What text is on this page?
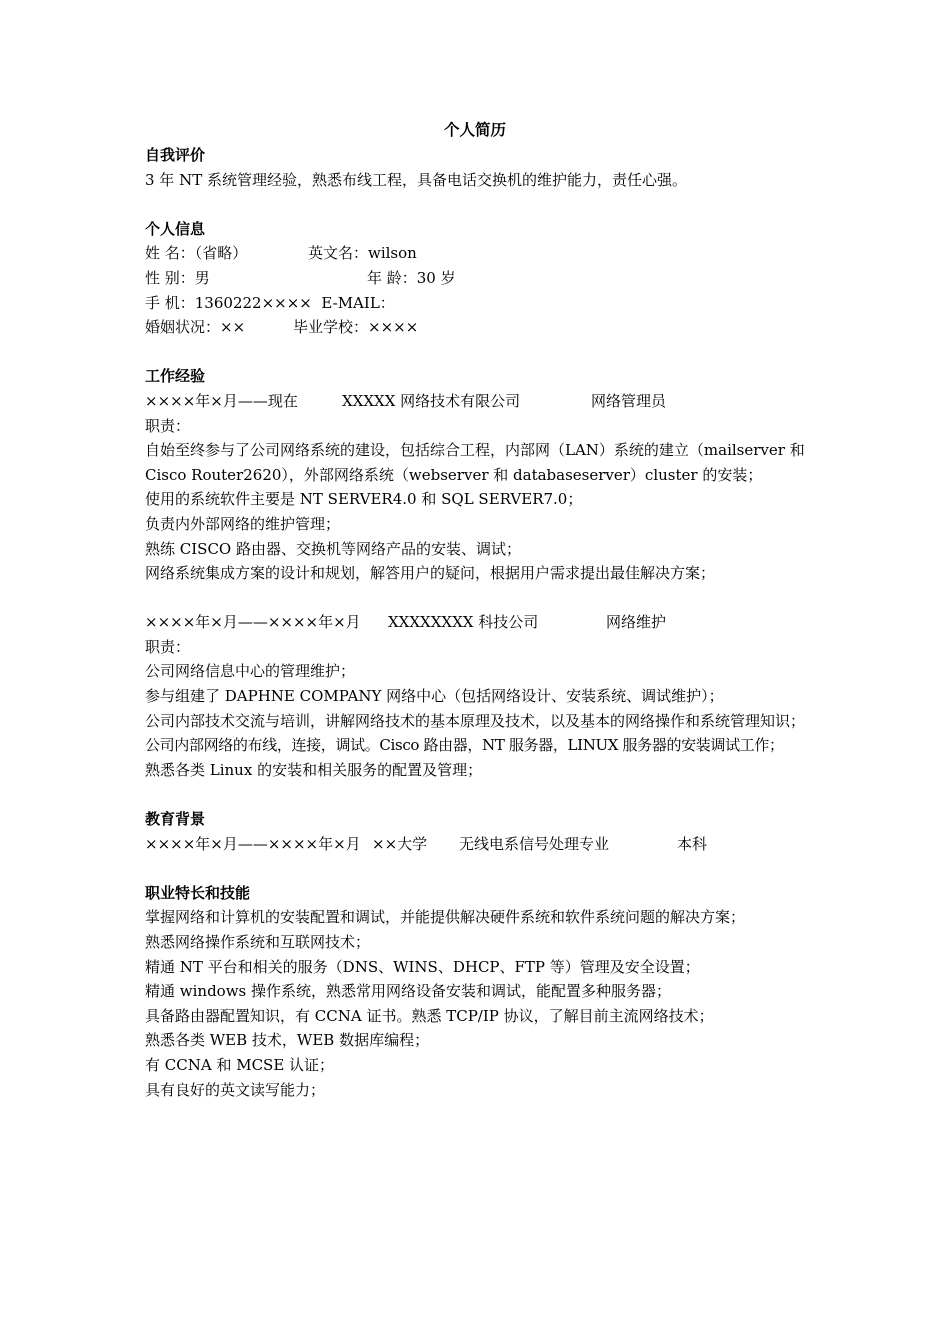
个人简历
自我评价
3 年 NT 系统管理经验，熟悉布线工程，具备电话交换机的维护能力，责任心强。
个人信息
姓 名：（省略）	英文名：wilson
性 别：男	年 龄：30 岁
手 机：1360222×××× E-MAIL：
婚姻状况：××	毕业学校：××××
工作经验
××××年×月——现在	XXXXX 网络技术有限公司	网络管理员
职责：
自始至终参与了公司网络系统的建设，包括综合工程，内部网（LAN）系统的建立（mailserver 和 Cisco Router2620），外部网络系统（webserver 和 databaseserver）cluster 的安装；
使用的系统软件主要是 NT SERVER4.0 和 SQL SERVER7.0；
负责内外部网络的维护管理；
熟练 CISCO 路由器、交换机等网络产品的安装、调试；
网络系统集成方案的设计和规划，解答用户的疑问，根据用户需求提出最佳解决方案；
××××年×月——××××年×月 XXXXXXXX 科技公司	网络维护
职责：
公司网络信息中心的管理维护；
参与组建了 DAPHNE COMPANY 网络中心（包括网络设计、安装系统、调试维护）；
公司内部技术交流与培训，讲解网络技术的基本原理及技术，以及基本的网络操作和系统管理知识；
公司内部网络的布线，连接，调试。Cisco 路由器，NT 服务器，LINUX 服务器的安装调试工作；
熟悉各类 Linux 的安装和相关服务的配置及管理；
教育背景
××××年×月——××××年×月 ××大学 无线电系信号处理专业	本科
职业特长和技能
掌握网络和计算机的安装配置和调试，并能提供解决硬件系统和软件系统问题的解决方案；
熟悉网络操作系统和互联网技术；
精通 NT 平台和相关的服务（DNS、WINS、DHCP、FTP 等）管理及安全设置；
精通 windows 操作系统，熟悉常用网络设备安装和调试，能配置多种服务器；
具备路由器配置知识，有 CCNA 证书。熟悉 TCP/IP 协议，了解目前主流网络技术；
熟悉各类 WEB 技术，WEB 数据库编程；
有 CCNA 和 MCSE 认证；
具有良好的英文读写能力；
